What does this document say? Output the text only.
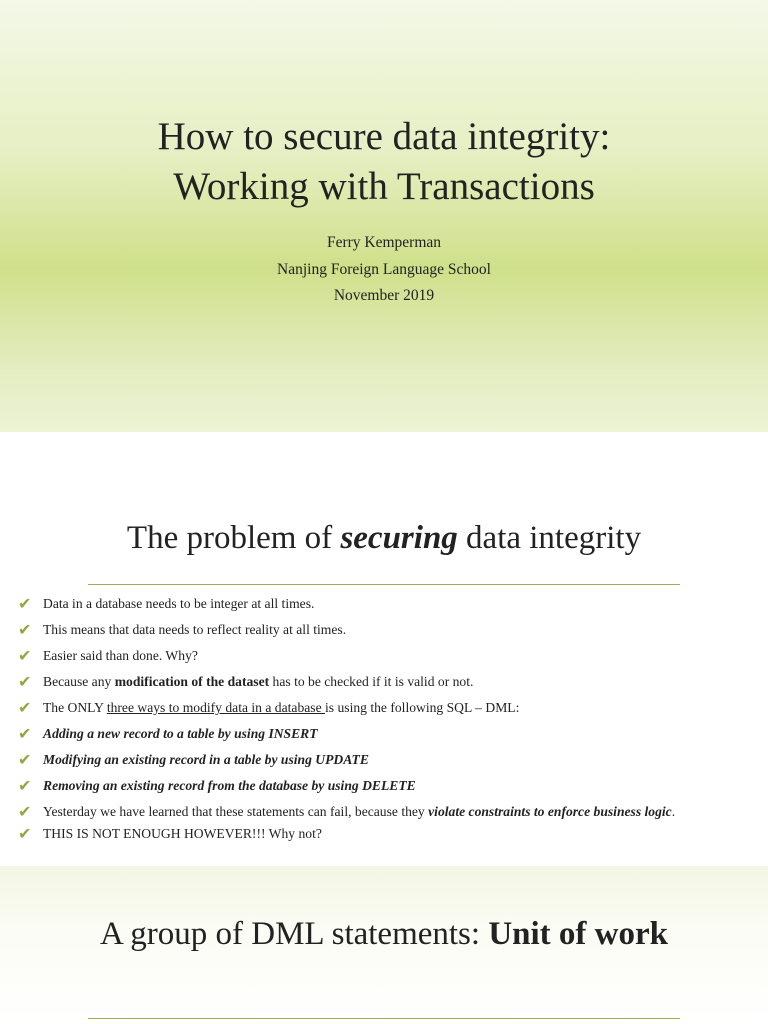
How to secure data integrity:
Working with Transactions
Ferry Kemperman
Nanjing Foreign Language School
November 2019
The problem of securing data integrity
✔ Data in a database needs to be integer at all times.
✔ This means that data needs to reflect reality at all times.
✔ Easier said than done. Why?
✔ Because any modification of the dataset has to be checked if it is valid or not.
✔ The ONLY three ways to modify data in a database is using the following SQL – DML:
✔ Adding a new record to a table by using INSERT
✔ Modifying an existing record in a table by using UPDATE
✔ Removing an existing record from the database by using DELETE
✔ Yesterday we have learned that these statements can fail, because they violate constraints to enforce business logic.
✔ THIS IS NOT ENOUGH HOWEVER!!! Why not?
A group of DML statements: Unit of work
